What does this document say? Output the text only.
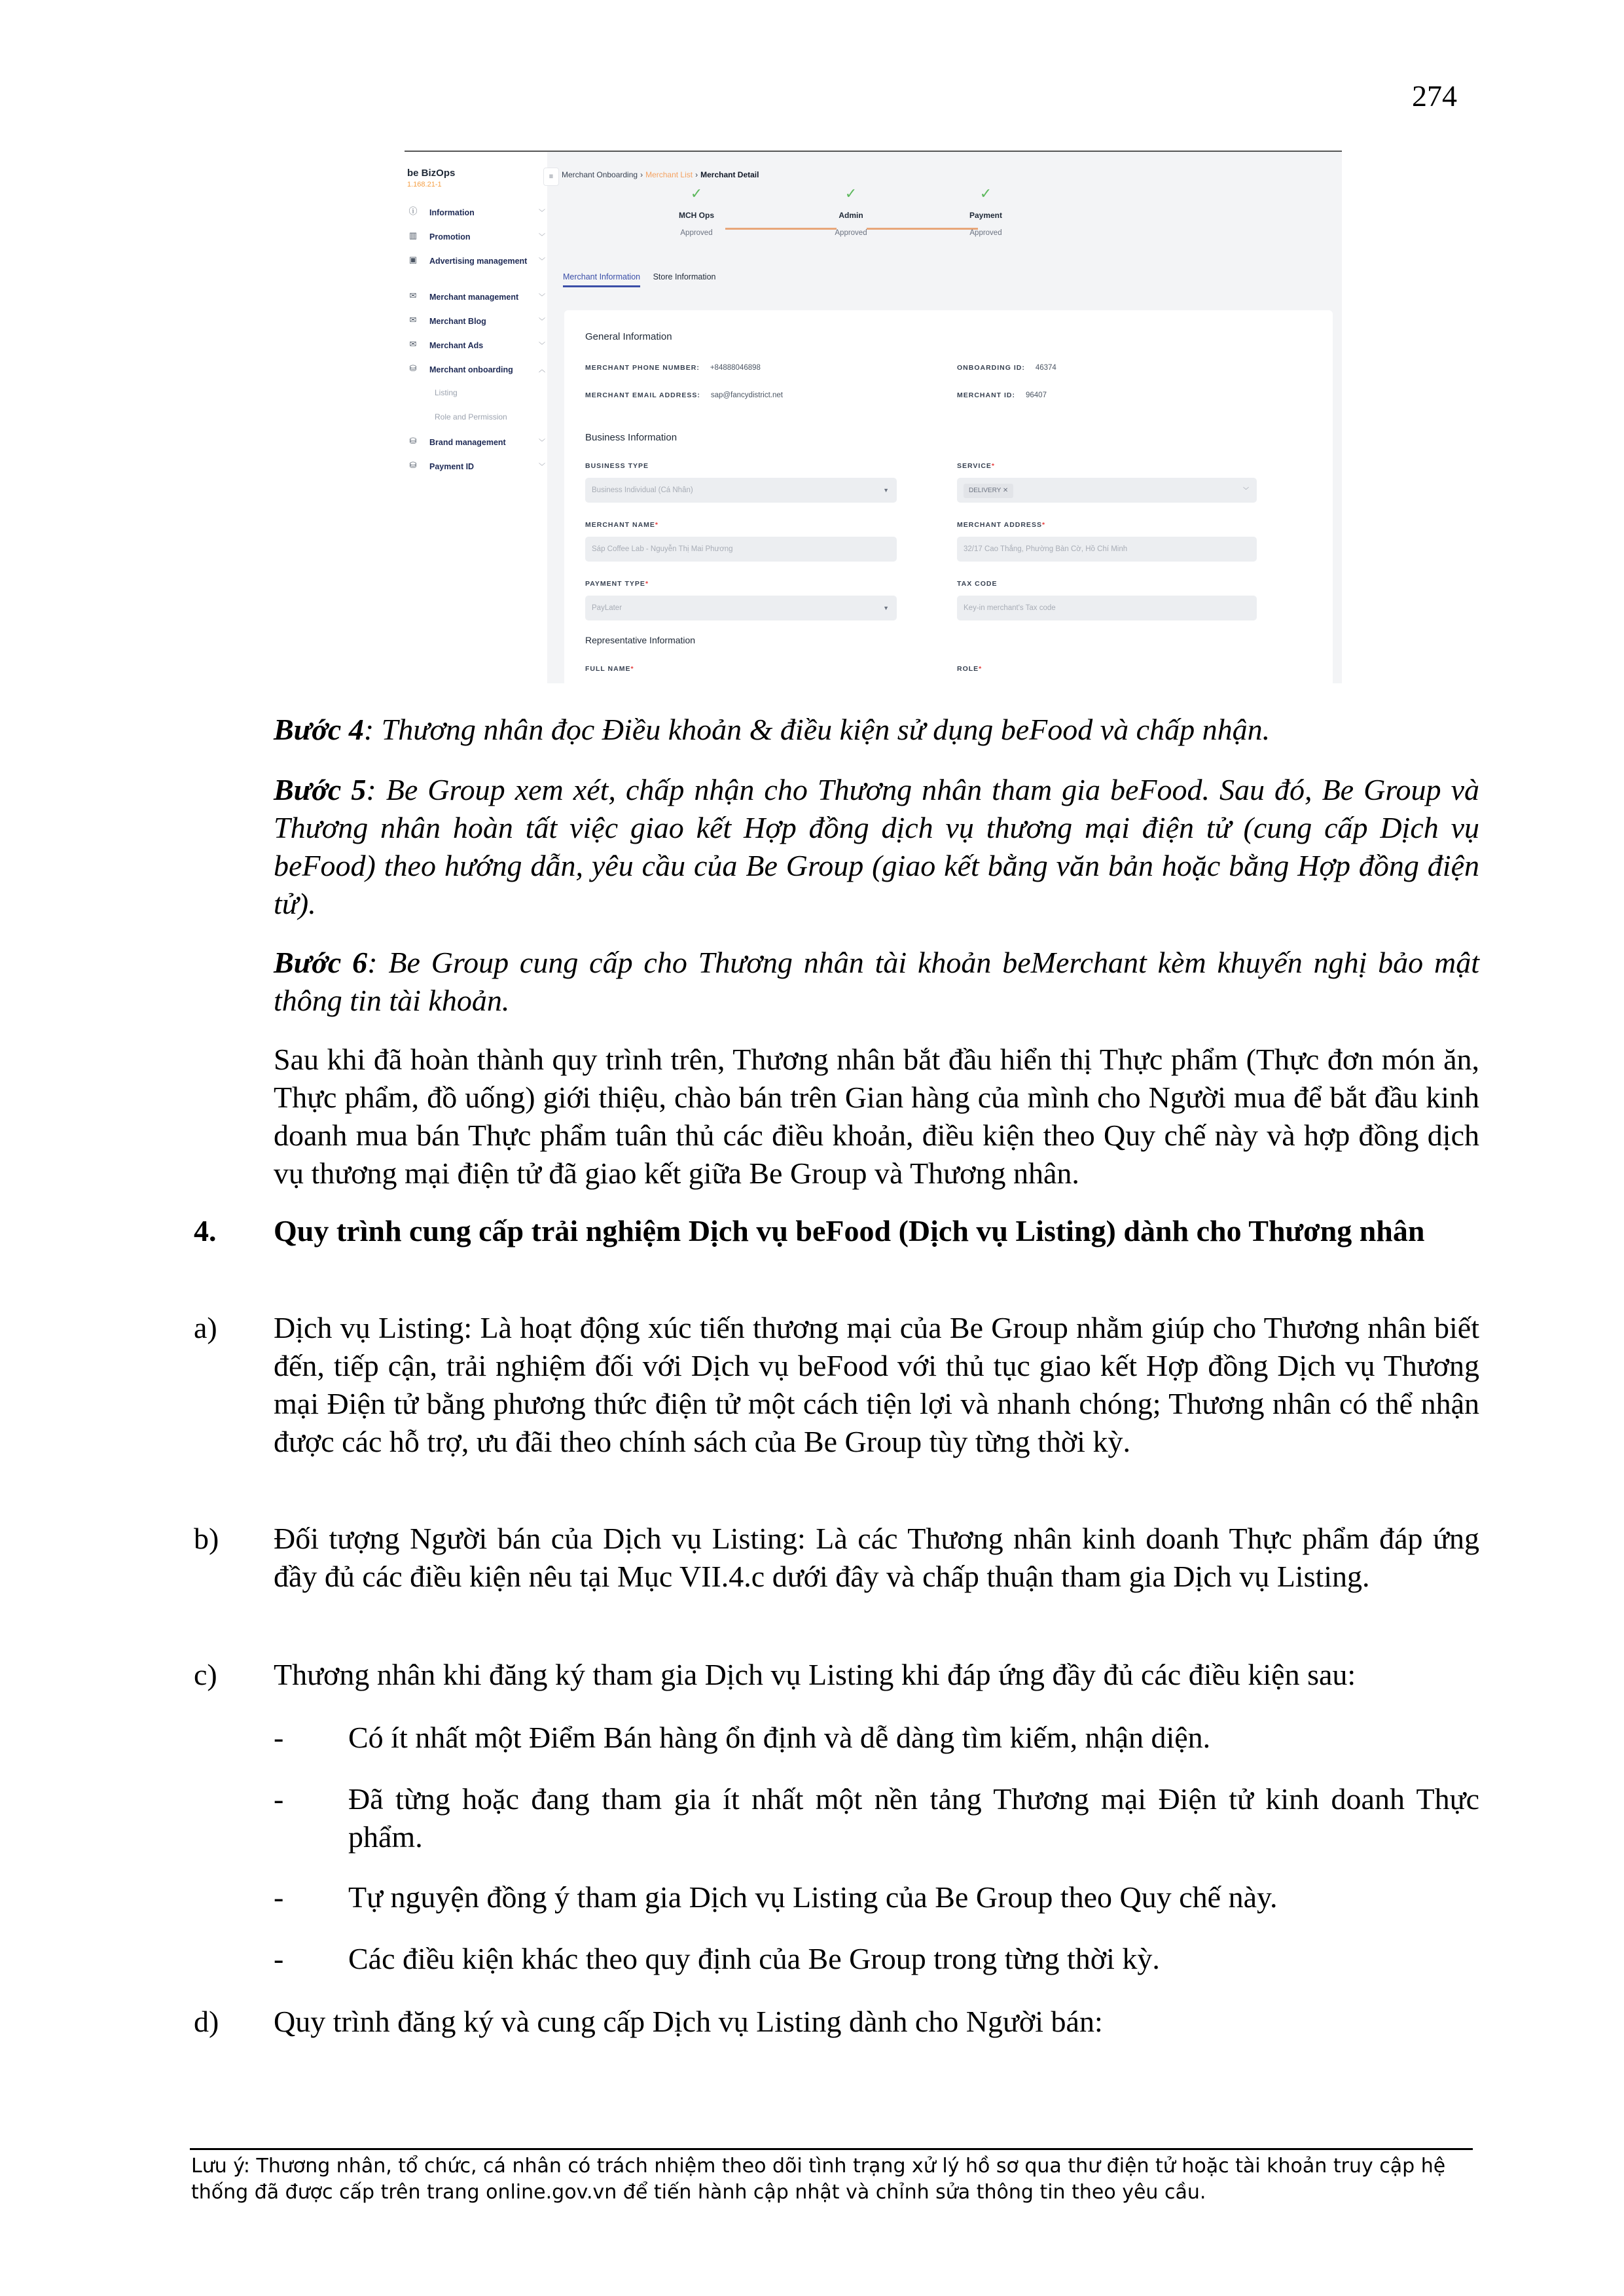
274
be BizOps
1.168.21-1
ⓘ Information	﹀
▥ Promotion	﹀
▣ Advertising management	﹀
✉ Merchant management	﹀
✉ Merchant Blog	﹀
✉ Merchant Ads	﹀
⛁ Merchant onboarding	︿
Listing
Role and Permission
⛁ Brand management	﹀
⛁ Payment ID	﹀
≡	Merchant Onboarding › Merchant List › Merchant Detail
✓
MCH Ops
Approved
✓
Admin
Approved
✓
Payment
Approved
Merchant Information Store Information
General Information
MERCHANT PHONE NUMBER: +84888046898
MERCHANT EMAIL ADDRESS: sap@fancydistrict.net
ONBOARDING ID: 46374
MERCHANT ID: 96407
Business Information
BUSINESS TYPE
Business Individual (Cá Nhân)	▼
SERVICE*
DELIVERY ✕	﹀
MERCHANT NAME*
Sáp Coffee Lab - Nguyễn Thị Mai Phương
MERCHANT ADDRESS*
32/17 Cao Thắng, Phường Bàn Cờ, Hồ Chí Minh
PAYMENT TYPE*
PayLater	▼
TAX CODE
Key-in merchant's Tax code
Representative Information
FULL NAME*	ROLE*
Bước 4: Thương nhân đọc Điều khoản & điều kiện sử dụng beFood và chấp nhận.
Bước 5: Be Group xem xét, chấp nhận cho Thương nhân tham gia beFood. Sau đó, Be Group và Thương nhân hoàn tất việc giao kết Hợp đồng dịch vụ thương mại điện tử (cung cấp Dịch vụ beFood) theo hướng dẫn, yêu cầu của Be Group (giao kết bằng văn bản hoặc bằng Hợp đồng điện tử).
Bước 6: Be Group cung cấp cho Thương nhân tài khoản beMerchant kèm khuyến nghị bảo mật thông tin tài khoản.
Sau khi đã hoàn thành quy trình trên, Thương nhân bắt đầu hiển thị Thực phẩm (Thực đơn món ăn, Thực phẩm, đồ uống) giới thiệu, chào bán trên Gian hàng của mình cho Người mua để bắt đầu kinh doanh mua bán Thực phẩm tuân thủ các điều khoản, điều kiện theo Quy chế này và hợp đồng dịch vụ thương mại điện tử đã giao kết giữa Be Group và Thương nhân.
4. Quy trình cung cấp trải nghiệm Dịch vụ beFood (Dịch vụ Listing) dành cho Thương nhân
a) Dịch vụ Listing: Là hoạt động xúc tiến thương mại của Be Group nhằm giúp cho Thương nhân biết đến, tiếp cận, trải nghiệm đối với Dịch vụ beFood với thủ tục giao kết Hợp đồng Dịch vụ Thương mại Điện tử bằng phương thức điện tử một cách tiện lợi và nhanh chóng; Thương nhân có thể nhận được các hỗ trợ, ưu đãi theo chính sách của Be Group tùy từng thời kỳ.
b) Đối tượng Người bán của Dịch vụ Listing: Là các Thương nhân kinh doanh Thực phẩm đáp ứng đầy đủ các điều kiện nêu tại Mục VII.4.c dưới đây và chấp thuận tham gia Dịch vụ Listing.
c) Thương nhân khi đăng ký tham gia Dịch vụ Listing khi đáp ứng đầy đủ các điều kiện sau:
- Có ít nhất một Điểm Bán hàng ổn định và dễ dàng tìm kiếm, nhận diện.
- Đã từng hoặc đang tham gia ít nhất một nền tảng Thương mại Điện tử kinh doanh Thực phẩm.
- Tự nguyện đồng ý tham gia Dịch vụ Listing của Be Group theo Quy chế này.
- Các điều kiện khác theo quy định của Be Group trong từng thời kỳ.
d) Quy trình đăng ký và cung cấp Dịch vụ Listing dành cho Người bán:
Lưu ý: Thương nhân, tổ chức, cá nhân có trách nhiệm theo dõi tình trạng xử lý hồ sơ qua thư điện tử hoặc tài khoản truy cập hệ thống đã được cấp trên trang online.gov.vn để tiến hành cập nhật và chỉnh sửa thông tin theo yêu cầu.
